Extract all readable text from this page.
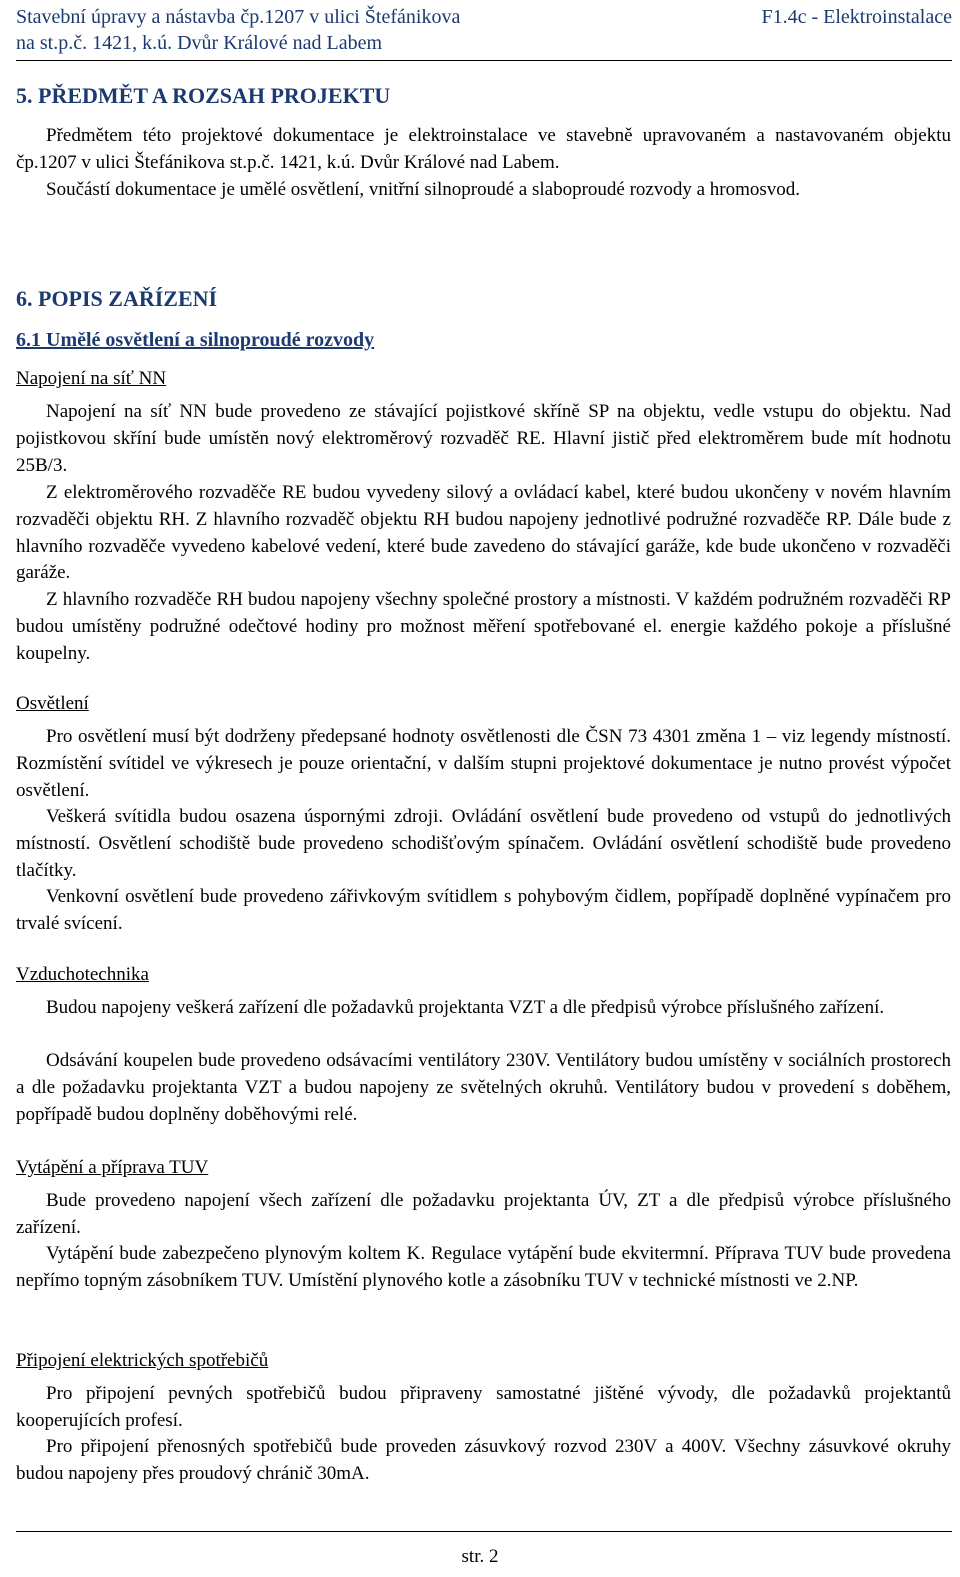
Stavební úpravy a nástavba čp.1207 v ulici Štefánikova
na st.p.č. 1421, k.ú. Dvůr Králové nad Labem
F1.4c - Elektroinstalace
5. PŘEDMĚT A ROZSAH PROJEKTU

Předmětem této projektové dokumentace je elektroinstalace ve stavebně upravovaném a nastavovaném objektu čp.1207 v ulici Štefánikova st.p.č. 1421, k.ú. Dvůr Králové nad Labem.

Součástí dokumentace je umělé osvětlení, vnitřní silnoproudé a slaboproudé rozvody a hromosvod.

6. POPIS ZAŘÍZENÍ
6.1 Umělé osvětlení a silnoproudé rozvody
Napojení na síť NN

Napojení na síť NN bude provedeno ze stávající pojistkové skříně SP na objektu, vedle vstupu do objektu. Nad pojistkovou skříní bude umístěn nový elektroměrový rozvaděč RE. Hlavní jistič před elektroměrem bude mít hodnotu 25B/3.

Z elektroměrového rozvaděče RE budou vyvedeny silový a ovládací kabel, které budou ukončeny v novém hlavním rozvaděči objektu RH. Z hlavního rozvaděč objektu RH budou napojeny jednotlivé podružné rozvaděče RP. Dále bude z hlavního rozvaděče vyvedeno kabelové vedení, které bude zavedeno do stávající garáže, kde bude ukončeno v rozvaděči garáže.

Z hlavního rozvaděče RH budou napojeny všechny společné prostory a místnosti. V každém podružném rozvaděči RP budou umístěny podružné odečtové hodiny pro možnost měření spotřebované el. energie každého pokoje a příslušné koupelny.

Osvětlení

Pro osvětlení musí být dodrženy předepsané hodnoty osvětlenosti dle ČSN 73 4301 změna 1 – viz legendy místností. Rozmístění svítidel ve výkresech je pouze orientační, v dalším stupni projektové dokumentace je nutno provést výpočet osvětlení.

Veškerá svítidla budou osazena úspornými zdroji. Ovládání osvětlení bude provedeno od vstupů do jednotlivých místností. Osvětlení schodiště bude provedeno schodišťovým spínačem. Ovládání osvětlení schodiště bude provedeno tlačítky.

Venkovní osvětlení bude provedeno zářivkovým svítidlem s pohybovým čidlem, popřípadě doplněné vypínačem pro trvalé svícení.

Vzduchotechnika

Budou napojeny veškerá zařízení dle požadavků projektanta VZT a dle předpisů výrobce příslušného zařízení.

Odsávání koupelen bude provedeno odsávacími ventilátory 230V. Ventilátory budou umístěny v sociálních prostorech a dle požadavku projektanta VZT a budou napojeny ze světelných okruhů. Ventilátory budou v provedení s doběhem, popřípadě budou doplněny doběhovými relé.

Vytápění a příprava TUV

Bude provedeno napojení všech zařízení dle požadavku projektanta ÚV, ZT a dle předpisů výrobce příslušného zařízení.

Vytápění bude zabezpečeno plynovým koltem K. Regulace vytápění bude ekvitermní. Příprava TUV bude provedena nepřímo topným zásobníkem TUV. Umístění plynového kotle a zásobníku TUV v technické místnosti ve 2.NP.

Připojení elektrických spotřebičů

Pro připojení pevných spotřebičů budou připraveny samostatné jištěné vývody, dle požadavků projektantů kooperujících profesí.

Pro připojení přenosných spotřebičů bude proveden zásuvkový rozvod 230V a 400V. Všechny zásuvkové okruhy budou napojeny přes proudový chránič 30mA.

str. 2
